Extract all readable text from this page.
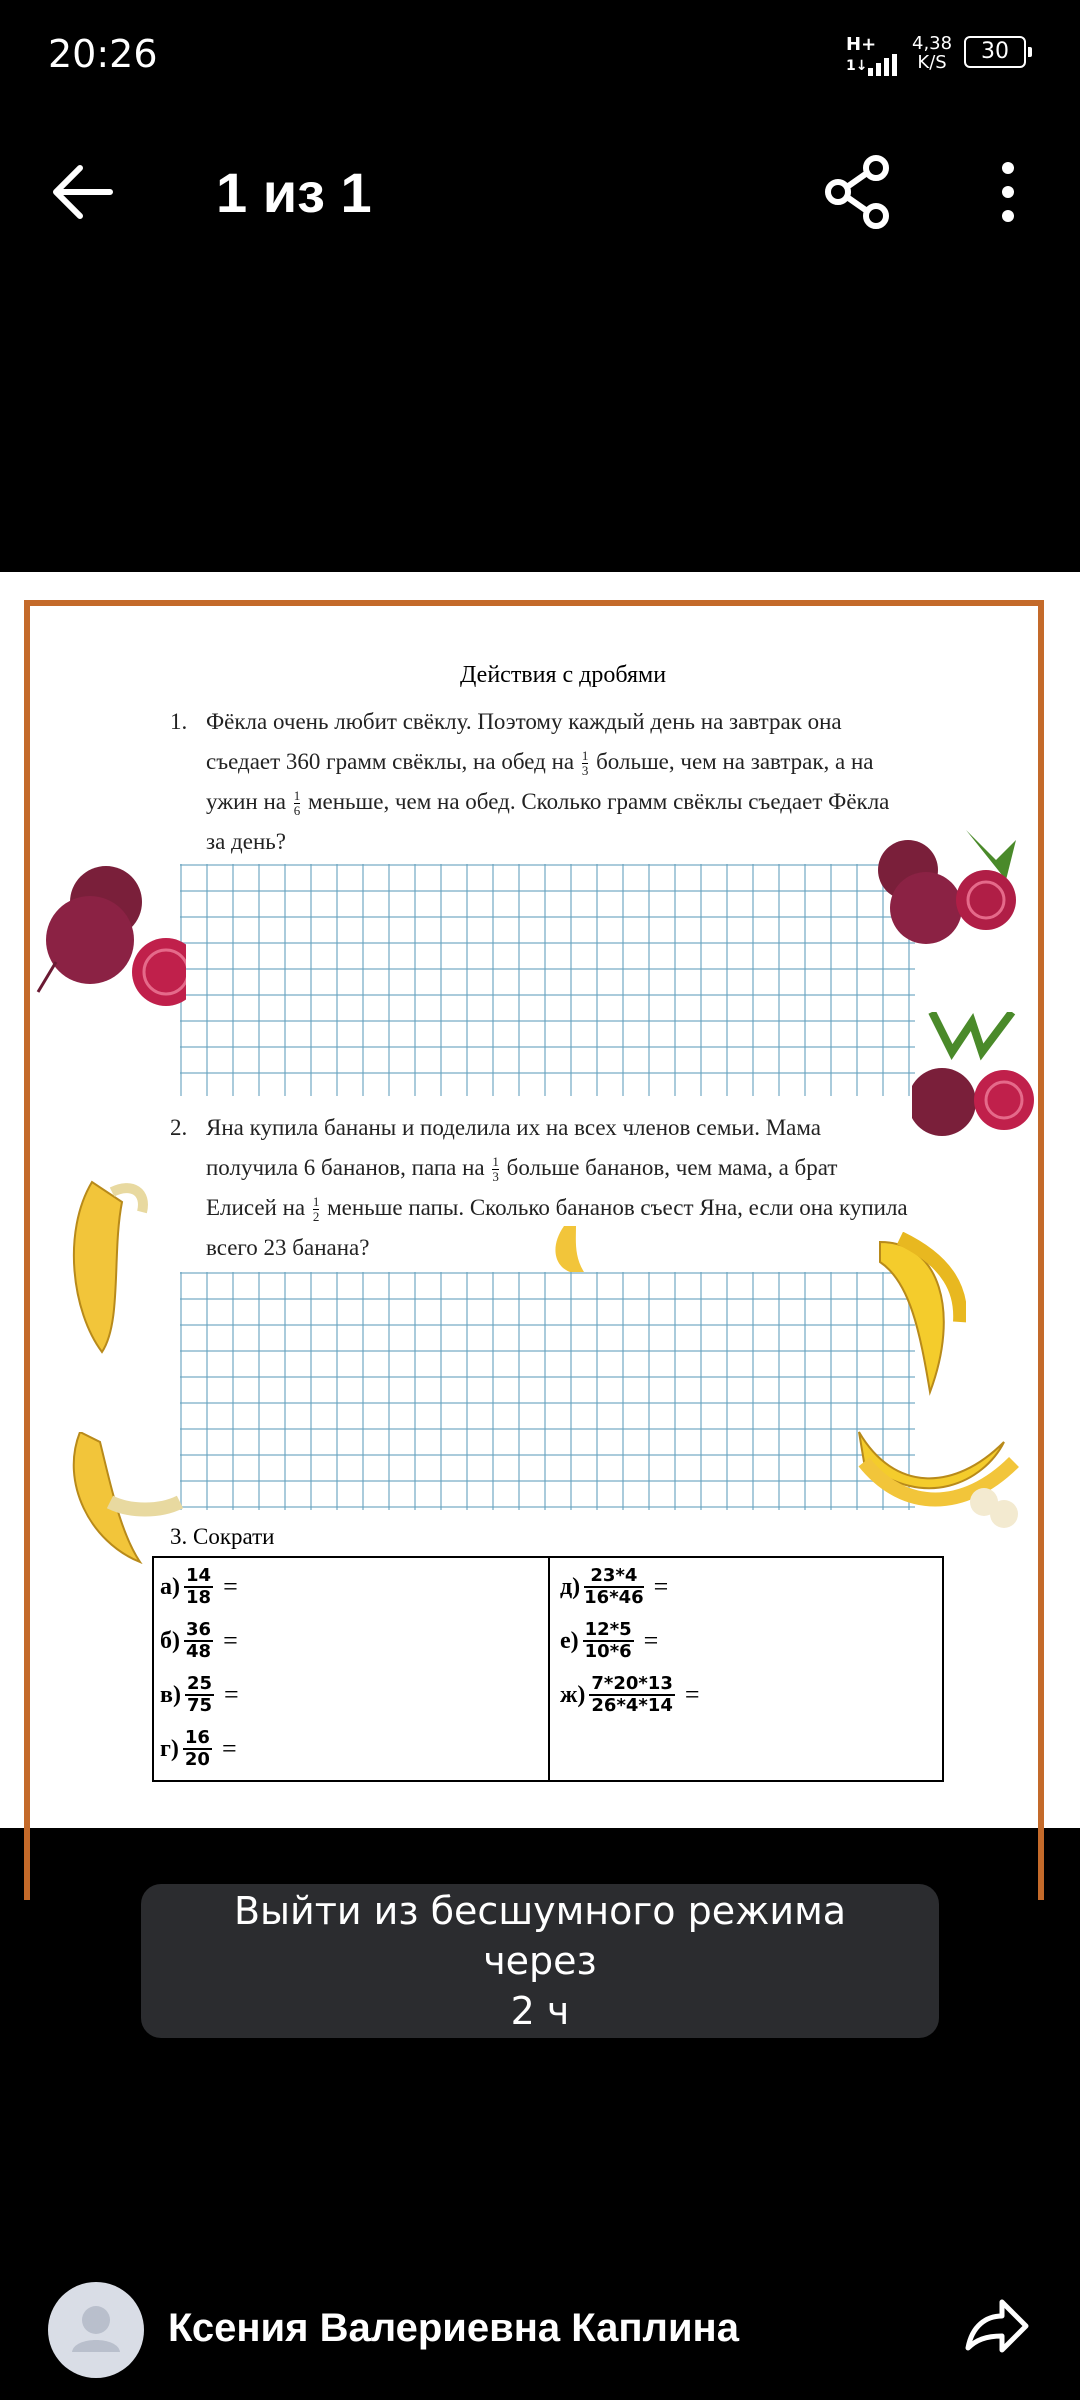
20:26	H+

1↓
4,38
K/S	30
1 из 1
Действия с дробями
1. Фёкла очень любит свёклу. Поэтому каждый день на завтрак она
съедает 360 грамм свёклы, на обед на $\frac{1}{3}$ больше, чем на завтрак, а на
ужин на $\frac{1}{6}$ меньше, чем на обед. Сколько грамм свёклы съедает Фёкла
за день?
2. Яна купила бананы и поделила их на всех членов семьи. Мама
получила 6 бананов, папа на $\frac{1}{3}$ больше бананов, чем мама, а брат
Елисей на $\frac{1}{2}$ меньше папы. Сколько бананов съест Яна, если она купила
всего 23 банана?
3. Сократи
$а) \frac{14}{18}$ =
$б) \frac{36}{48}$ =
$в) \frac{25}{75}$ =
$г) \frac{16}{20}$ =
$д) \frac{23*4}{16*46}$ =
$е) \frac{12*5}{10*6}$ =
$ж) \frac{7*20*13}{26*4*14}$ =
Выйти из бесшумного режима через
2 ч
Ксения Валериевна Каплина
